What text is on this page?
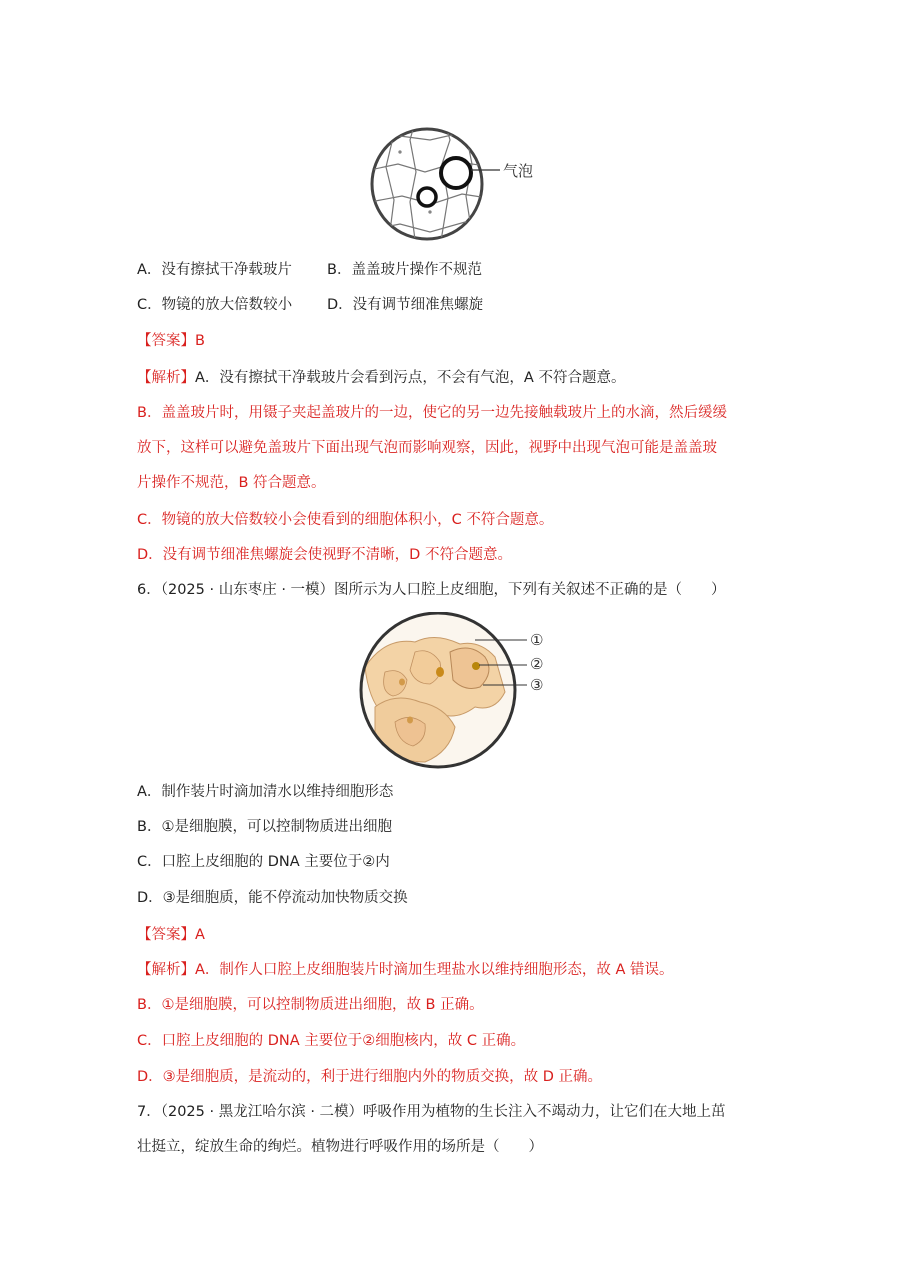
气泡
A．没有擦拭干净载玻片 B．盖盖玻片操作不规范
C．物镜的放大倍数较小 D．没有调节细准焦螺旋
【答案】B
【解析】A．没有擦拭干净载玻片会看到污点，不会有气泡，A 不符合题意。
B．盖盖玻片时，用镊子夹起盖玻片的一边，使它的另一边先接触载玻片上的水滴，然后缓缓
放下，这样可以避免盖玻片下面出现气泡而影响观察，因此，视野中出现气泡可能是盖盖玻
片操作不规范，B 符合题意。
C．物镜的放大倍数较小会使看到的细胞体积小，C 不符合题意。
D．没有调节细准焦螺旋会使视野不清晰，D 不符合题意。
6．（2025 · 山东枣庄 · 一模）图所示为人口腔上皮细胞，下列有关叙述不正确的是（　　）
①
②
③
A．制作装片时滴加清水以维持细胞形态
B．①是细胞膜，可以控制物质进出细胞
C．口腔上皮细胞的 DNA 主要位于②内
D．③是细胞质，能不停流动加快物质交换
【答案】A
【解析】A．制作人口腔上皮细胞装片时滴加生理盐水以维持细胞形态，故 A 错误。
B．①是细胞膜，可以控制物质进出细胞，故 B 正确。
C．口腔上皮细胞的 DNA 主要位于②细胞核内，故 C 正确。
D．③是细胞质，是流动的，利于进行细胞内外的物质交换，故 D 正确。
7．（2025 · 黑龙江哈尔滨 · 二模）呼吸作用为植物的生长注入不竭动力，让它们在大地上茁
壮挺立，绽放生命的绚烂。植物进行呼吸作用的场所是（　　）
